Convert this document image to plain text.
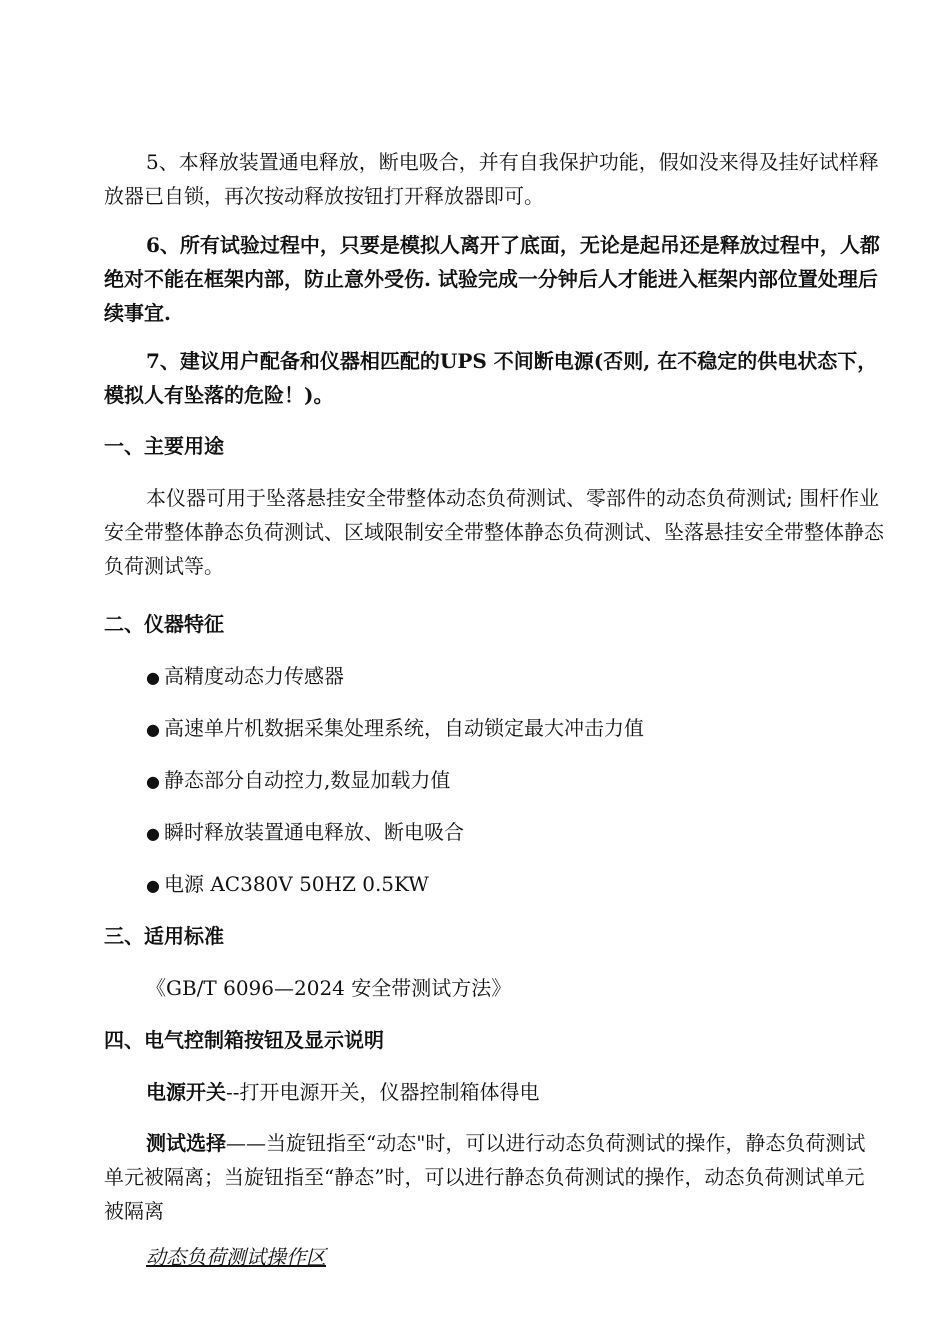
5、本释放装置通电释放，断电吸合，并有自我保护功能，假如没来得及挂好试样释放器已自锁，再次按动释放按钮打开释放器即可。

6、所有试验过程中，只要是模拟人离开了底面，无论是起吊还是释放过程中，人都绝对不能在框架内部，防止意外受伤. 试验完成一分钟后人才能进入框架内部位置处理后续事宜.

7、建议用户配备和仪器相匹配的UPS 不间断电源(否则, 在不稳定的供电状态下，模拟人有坠落的危险！)。

一、主要用途

本仪器可用于坠落悬挂安全带整体动态负荷测试、零部件的动态负荷测试; 围杆作业安全带整体静态负荷测试、区域限制安全带整体静态负荷测试、坠落悬挂安全带整体静态负荷测试等。

二、仪器特征

● 高精度动态力传感器

● 高速单片机数据采集处理系统，自动锁定最大冲击力值

● 静态部分自动控力,数显加载力值

● 瞬时释放装置通电释放、断电吸合

● 电源 AC380V 50HZ 0.5KW

三、适用标准

《GB/T 6096—2024 安全带测试方法》

四、电气控制箱按钮及显示说明

电源开关--打开电源开关，仪器控制箱体得电

测试选择——当旋钮指至“动态"时，可以进行动态负荷测试的操作，静态负荷测试单元被隔离；当旋钮指至“静态”时，可以进行静态负荷测试的操作，动态负荷测试单元被隔离

动态负荷测试操作区
